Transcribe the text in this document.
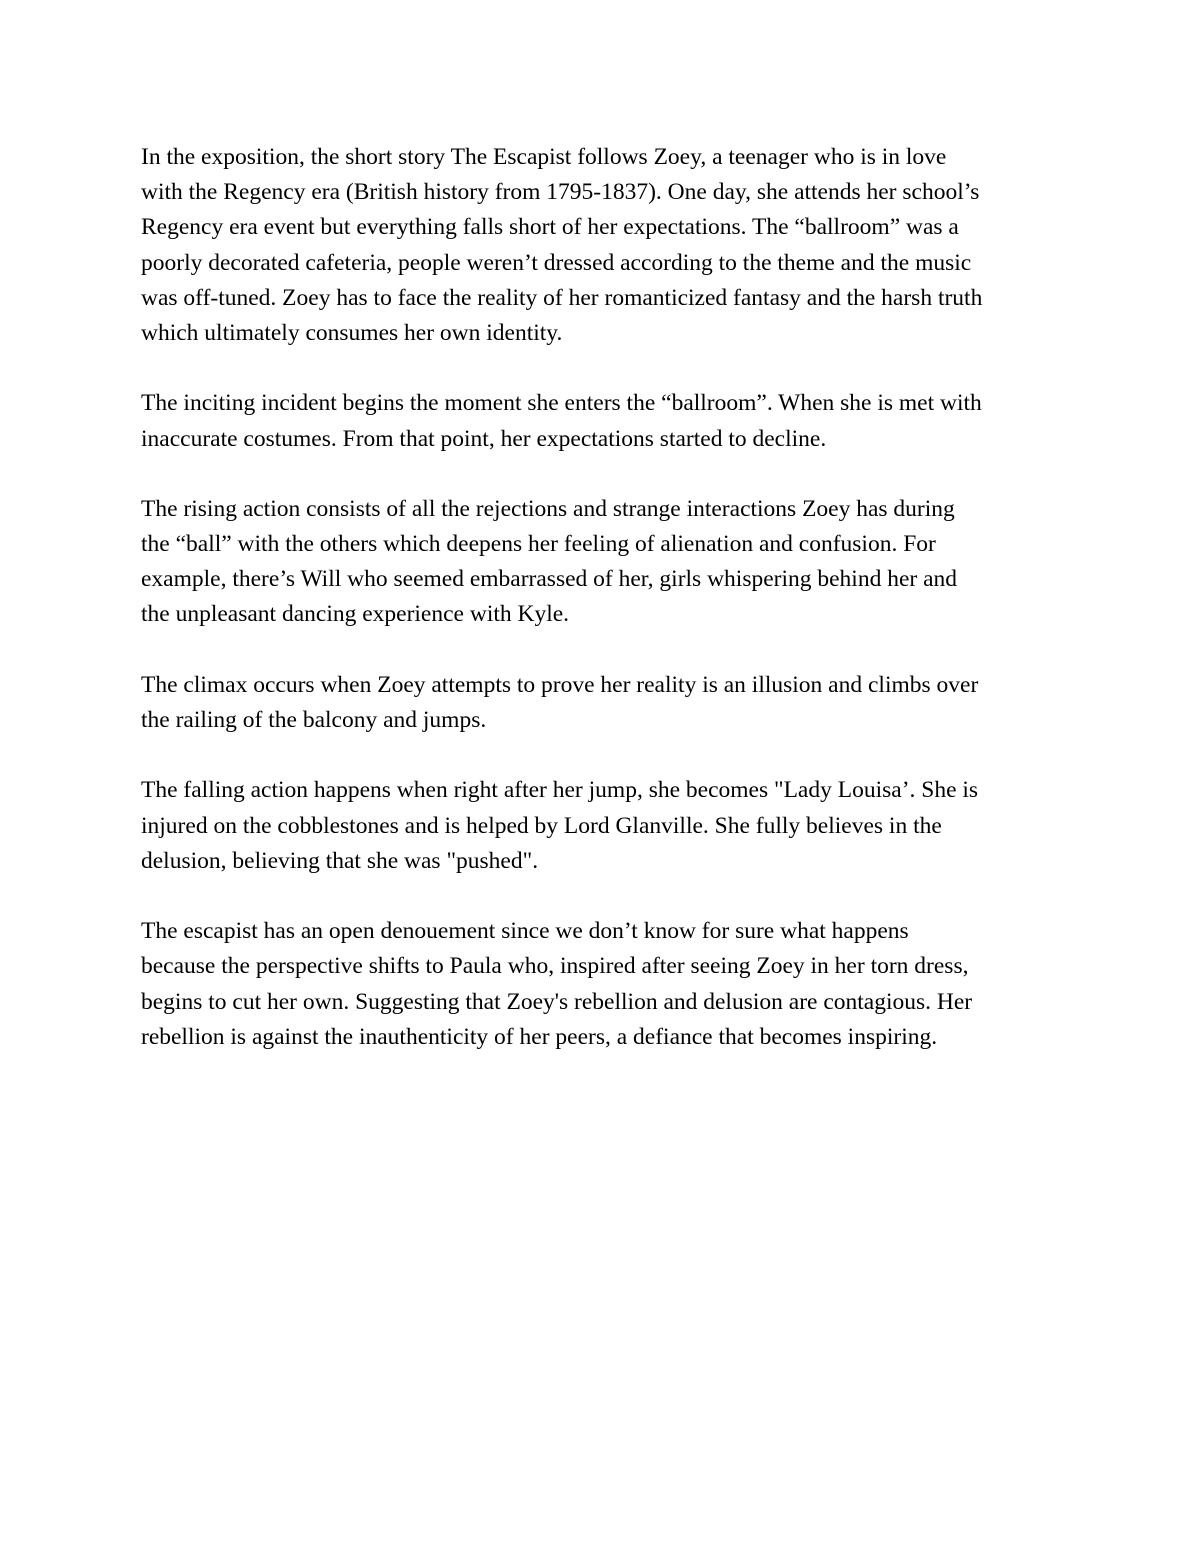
In the exposition, the short story The Escapist follows Zoey, a teenager who is in love
with the Regency era (British history from 1795-1837). One day, she attends her school’s
Regency era event but everything falls short of her expectations. The “ballroom” was a
poorly decorated cafeteria, people weren’t dressed according to the theme and the music
was off-tuned. Zoey has to face the reality of her romanticized fantasy and the harsh truth
which ultimately consumes her own identity.
The inciting incident begins the moment she enters the “ballroom”. When she is met with
inaccurate costumes. From that point, her expectations started to decline.
The rising action consists of all the rejections and strange interactions Zoey has during
the “ball” with the others which deepens her feeling of alienation and confusion. For
example, there’s Will who seemed embarrassed of her, girls whispering behind her and
the unpleasant dancing experience with Kyle.
The climax occurs when Zoey attempts to prove her reality is an illusion and climbs over
the railing of the balcony and jumps.
The falling action happens when right after her jump, she becomes "Lady Louisa’. She is
injured on the cobblestones and is helped by Lord Glanville. She fully believes in the
delusion, believing that she was "pushed".
The escapist has an open denouement since we don’t know for sure what happens
because the perspective shifts to Paula who, inspired after seeing Zoey in her torn dress,
begins to cut her own. Suggesting that Zoey's rebellion and delusion are contagious. Her
rebellion is against the inauthenticity of her peers, a defiance that becomes inspiring.
